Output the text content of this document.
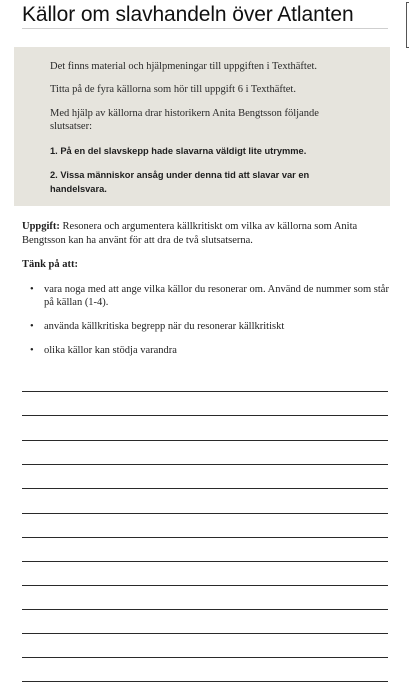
Källor om slavhandeln över Atlanten

Det finns material och hjälpmeningar till uppgiften i Texthäftet.

Titta på de fyra källorna som hör till uppgift 6 i Texthäftet.

Med hjälp av källorna drar historikern Anita Bengtsson följande slutsatser:

1. På en del slavskepp hade slavarna väldigt lite utrymme.

2. Vissa människor ansåg under denna tid att slavar var en handelsvara.

Uppgift: Resonera och argumentera källkritiskt om vilka av källorna som Anita Bengtsson kan ha använt för att dra de två slutsatserna.

Tänk på att:

• vara noga med att ange vilka källor du resonerar om. Använd de nummer som står på källan (1-4).
• använda källkritiska begrepp när du resonerar källkritiskt
• olika källor kan stödja varandra
